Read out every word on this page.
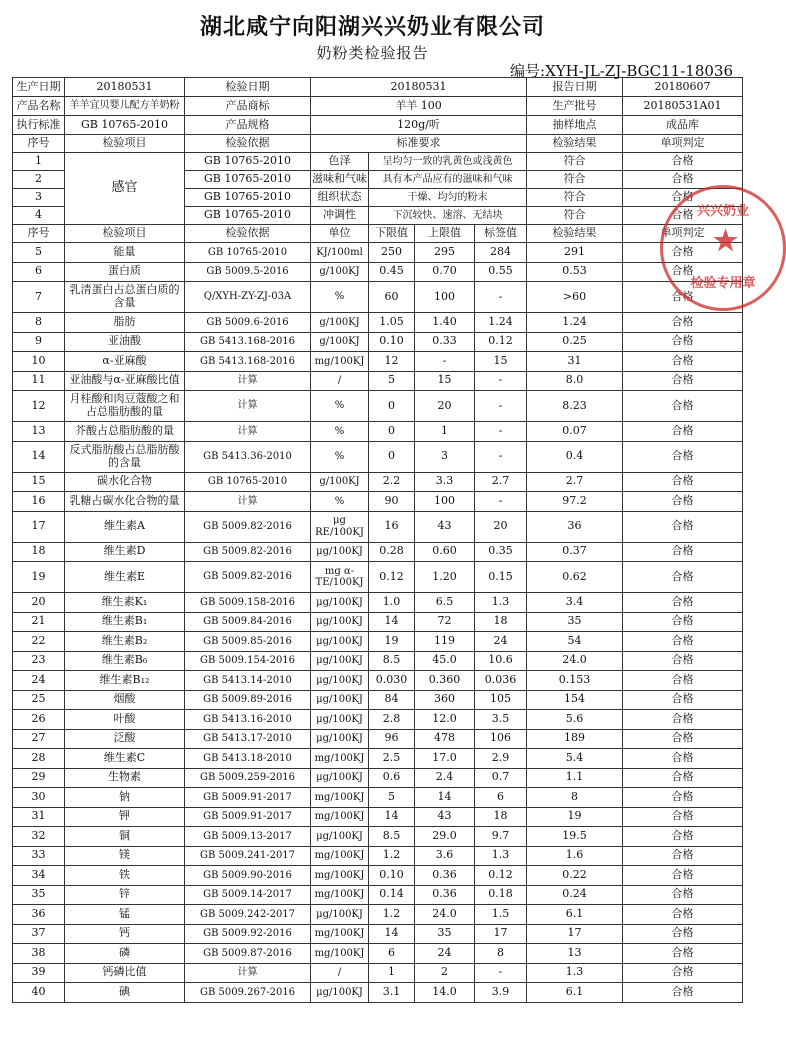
湖北咸宁向阳湖兴兴奶业有限公司
奶粉类检验报告
编号:XYH-JL-ZJ-BGC11-18036
生产日期	20180531	检验日期	20180531				报告日期	20180607
产品名称	羊羊宜贝婴儿配方羊奶粉	产品商标	羊羊 100				生产批号	20180531A01
执行标准	GB 10765-2010	产品规格	120g/听				抽样地点	成品库
序号	检验项目	检验依据	标准要求				检验结果	单项判定
1	感官	GB 10765-2010	色泽	呈均匀一致的乳黄色或浅黄色			符合	合格
2		GB 10765-2010	滋味和气味	具有本产品应有的滋味和气味			符合	合格
3		GB 10765-2010	组织状态	干燥、均匀的粉末			符合	合格
4		GB 10765-2010	冲调性	下沉较快、速溶、无结块			符合	合格
序号	检验项目	检验依据	单位	下限值	上限值	标签值	检验结果	单项判定
5	能量	GB 10765-2010	KJ/100ml	250	295	284	291	合格
6	蛋白质	GB 5009.5-2016	g/100KJ	0.45	0.70	0.55	0.53	合格
7	乳清蛋白占总蛋白质的含量	Q/XYH-ZY-ZJ-03A	%	60	100	-	>60	合格
8	脂肪	GB 5009.6-2016	g/100KJ	1.05	1.40	1.24	1.24	合格
9	亚油酸	GB 5413.168-2016	g/100KJ	0.10	0.33	0.12	0.25	合格
10	α-亚麻酸	GB 5413.168-2016	mg/100KJ	12	-	15	31	合格
11	亚油酸与α-亚麻酸比值	计算	/	5	15	-	8.0	合格
12	月桂酸和肉豆蔻酸之和占总脂肪酸的量	计算	%	0	20	-	8.23	合格
13	芥酸占总脂肪酸的量	计算	%	0	1	-	0.07	合格
14	反式脂肪酸占总脂肪酸的含量	GB 5413.36-2010	%	0	3	-	0.4	合格
15	碳水化合物	GB 10765-2010	g/100KJ	2.2	3.3	2.7	2.7	合格
16	乳糖占碳水化合物的量	计算	%	90	100	-	97.2	合格
17	维生素A	GB 5009.82-2016	μg RE/100KJ	16	43	20	36	合格
18	维生素D	GB 5009.82-2016	μg/100KJ	0.28	0.60	0.35	0.37	合格
19	维生素E	GB 5009.82-2016	mg α-TE/100KJ	0.12	1.20	0.15	0.62	合格
20	维生素K₁	GB 5009.158-2016	μg/100KJ	1.0	6.5	1.3	3.4	合格
21	维生素B₁	GB 5009.84-2016	μg/100KJ	14	72	18	35	合格
22	维生素B₂	GB 5009.85-2016	μg/100KJ	19	119	24	54	合格
23	维生素B₆	GB 5009.154-2016	μg/100KJ	8.5	45.0	10.6	24.0	合格
24	维生素B₁₂	GB 5413.14-2010	μg/100KJ	0.030	0.360	0.036	0.153	合格
25	烟酸	GB 5009.89-2016	μg/100KJ	84	360	105	154	合格
26	叶酸	GB 5413.16-2010	μg/100KJ	2.8	12.0	3.5	5.6	合格
27	泛酸	GB 5413.17-2010	μg/100KJ	96	478	106	189	合格
28	维生素C	GB 5413.18-2010	mg/100KJ	2.5	17.0	2.9	5.4	合格
29	生物素	GB 5009.259-2016	μg/100KJ	0.6	2.4	0.7	1.1	合格
30	钠	GB 5009.91-2017	mg/100KJ	5	14	6	8	合格
31	钾	GB 5009.91-2017	mg/100KJ	14	43	18	19	合格
32	铜	GB 5009.13-2017	μg/100KJ	8.5	29.0	9.7	19.5	合格
33	镁	GB 5009.241-2017	mg/100KJ	1.2	3.6	1.3	1.6	合格
34	铁	GB 5009.90-2016	mg/100KJ	0.10	0.36	0.12	0.22	合格
35	锌	GB 5009.14-2017	mg/100KJ	0.14	0.36	0.18	0.24	合格
36	锰	GB 5009.242-2017	μg/100KJ	1.2	24.0	1.5	6.1	合格
37	钙	GB 5009.92-2016	mg/100KJ	14	35	17	17	合格
38	磷	GB 5009.87-2016	mg/100KJ	6	24	8	13	合格
39	钙磷比值	计算	/	1	2	-	1.3	合格
40	碘	GB 5009.267-2016	μg/100KJ	3.1	14.0	3.9	6.1	合格
兴兴奶业
★
检验专用章
